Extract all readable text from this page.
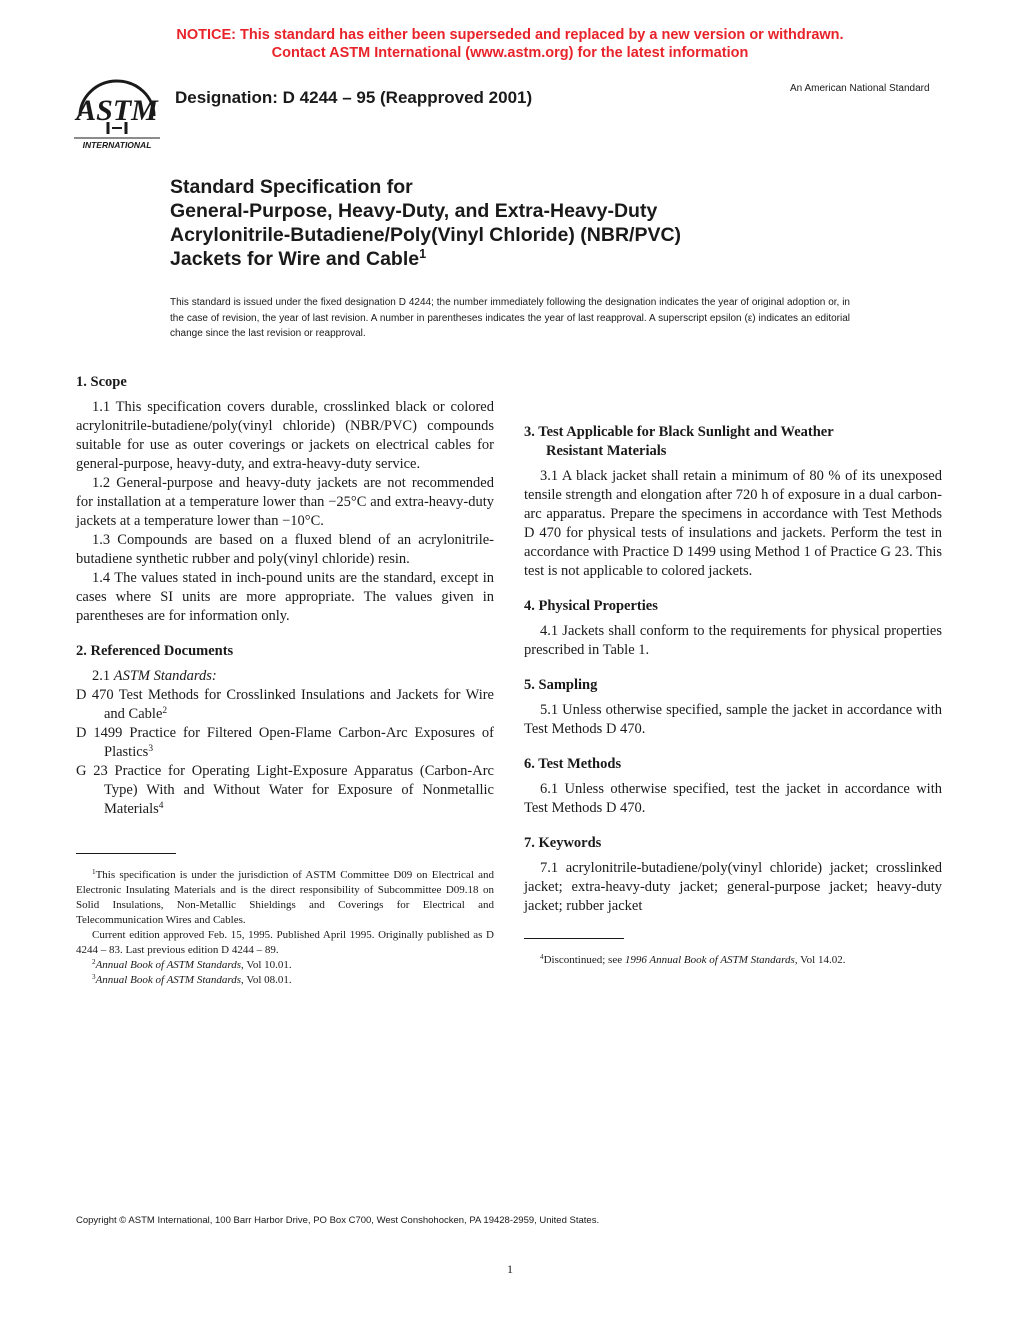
NOTICE: This standard has either been superseded and replaced by a new version or withdrawn.
Contact ASTM International (www.astm.org) for the latest information
ASTM
INTERNATIONAL
Designation: D 4244 – 95 (Reapproved 2001)	An American National Standard
Standard Specification for
General-Purpose, Heavy-Duty, and Extra-Heavy-Duty
Acrylonitrile-Butadiene/Poly(Vinyl Chloride) (NBR/PVC)
Jackets for Wire and Cable$^1$
This standard is issued under the fixed designation D 4244; the number immediately following the designation indicates the year of original adoption or, in the case of revision, the year of last revision. A number in parentheses indicates the year of last reapproval. A superscript epsilon (ε) indicates an editorial change since the last revision or reapproval.
1. Scope

1.1 This specification covers durable, crosslinked black or colored acrylonitrile-butadiene/poly(vinyl chloride) (NBR/PVC) compounds suitable for use as outer coverings or jackets on electrical cables for general-purpose, heavy-duty, and extra-heavy-duty service.

1.2 General-purpose and heavy-duty jackets are not recommended for installation at a temperature lower than −25°C and extra-heavy-duty jackets at a temperature lower than −10°C.

1.3 Compounds are based on a fluxed blend of an acrylonitrile-butadiene synthetic rubber and poly(vinyl chloride) resin.

1.4 The values stated in inch-pound units are the standard, except in cases where SI units are more appropriate. The values given in parentheses are for information only.

2. Referenced Documents

2.1 ASTM Standards:

D 470 Test Methods for Crosslinked Insulations and Jackets for Wire and Cable$^2$

D 1499 Practice for Filtered Open-Flame Carbon-Arc Exposures of Plastics$^3$

G 23 Practice for Operating Light-Exposure Apparatus (Carbon-Arc Type) With and Without Water for Exposure of Nonmetallic Materials$^4$

$^1$This specification is under the jurisdiction of ASTM Committee D09 on Electrical and Electronic Insulating Materials and is the direct responsibility of Subcommittee D09.18 on Solid Insulations, Non-Metallic Shieldings and Coverings for Electrical and Telecommunication Wires and Cables.

Current edition approved Feb. 15, 1995. Published April 1995. Originally published as D 4244 – 83. Last previous edition D 4244 – 89.

$^2$Annual Book of ASTM Standards, Vol 10.01.

$^3$Annual Book of ASTM Standards, Vol 08.01.

3. Test Applicable for Black Sunlight and Weather
Resistant Materials

3.1 A black jacket shall retain a minimum of 80 % of its unexposed tensile strength and elongation after 720 h of exposure in a dual carbon-arc apparatus. Prepare the specimens in accordance with Test Methods D 470 for physical tests of insulations and jackets. Perform the test in accordance with Practice D 1499 using Method 1 of Practice G 23. This test is not applicable to colored jackets.

4. Physical Properties

4.1 Jackets shall conform to the requirements for physical properties prescribed in Table 1.

5. Sampling

5.1 Unless otherwise specified, sample the jacket in accordance with Test Methods D 470.

6. Test Methods

6.1 Unless otherwise specified, test the jacket in accordance with Test Methods D 470.

7. Keywords

7.1 acrylonitrile-butadiene/poly(vinyl chloride) jacket; crosslinked jacket; extra-heavy-duty jacket; general-purpose jacket; heavy-duty jacket; rubber jacket

$^4$Discontinued; see 1996 Annual Book of ASTM Standards, Vol 14.02.

Copyright © ASTM International, 100 Barr Harbor Drive, PO Box C700, West Conshohocken, PA 19428-2959, United States.
1
